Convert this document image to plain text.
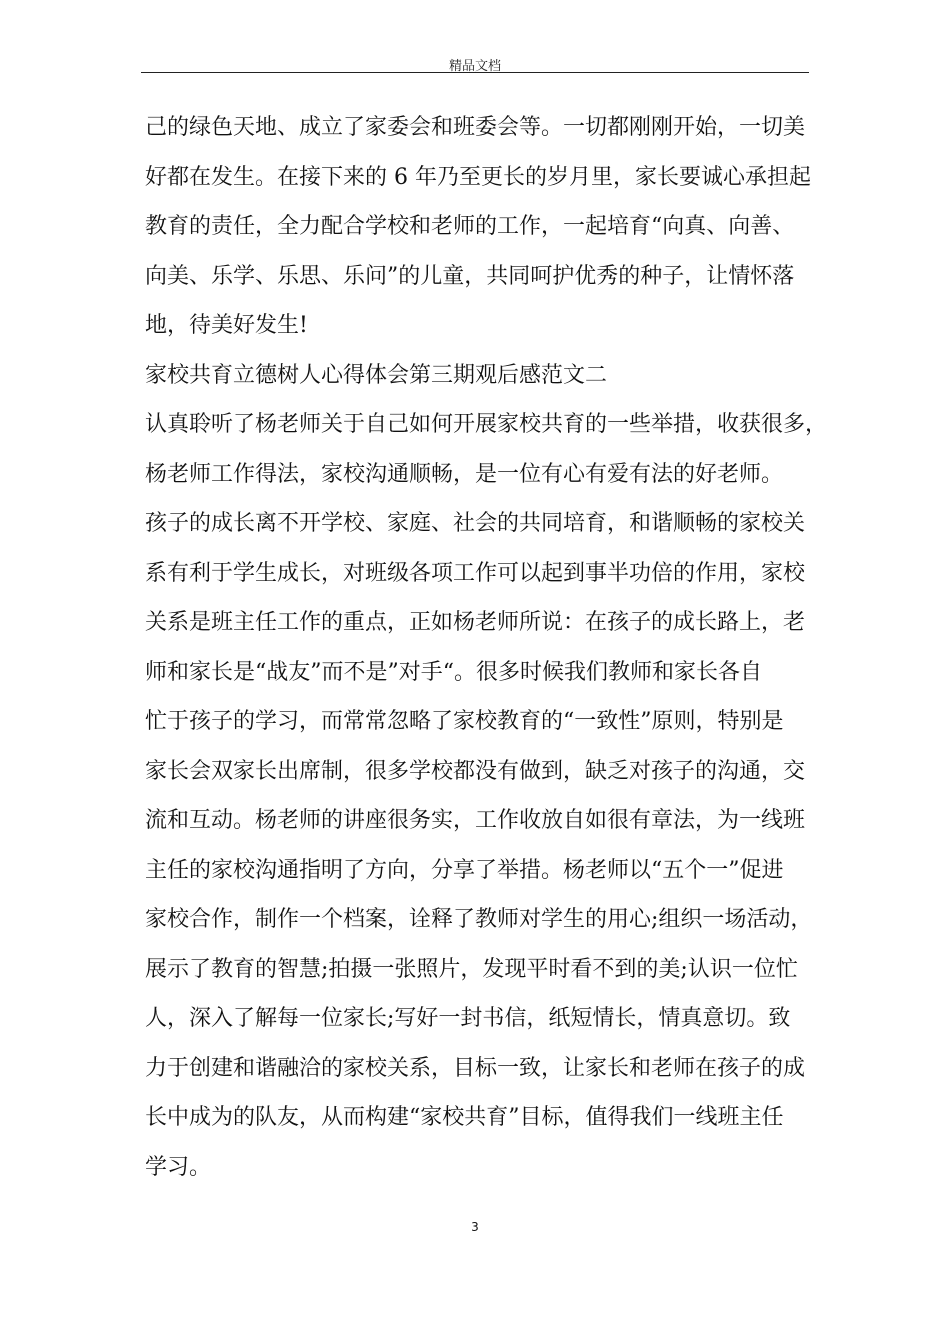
精品文档
己的绿色天地、成立了家委会和班委会等。一切都刚刚开始，一切美
好都在发生。在接下来的 6 年乃至更长的岁月里，家长要诚心承担起
教育的责任，全力配合学校和老师的工作，一起培育“向真、向善、
向美、乐学、乐思、乐问”的儿童，共同呵护优秀的种子，让情怀落
地，待美好发生!
家校共育立德树人心得体会第三期观后感范文二
认真聆听了杨老师关于自己如何开展家校共育的一些举措，收获很多，
杨老师工作得法，家校沟通顺畅，是一位有心有爱有法的好老师。
孩子的成长离不开学校、家庭、社会的共同培育，和谐顺畅的家校关
系有利于学生成长，对班级各项工作可以起到事半功倍的作用，家校
关系是班主任工作的重点，正如杨老师所说：在孩子的成长路上，老
师和家长是“战友”而不是”对手“。很多时候我们教师和家长各自
忙于孩子的学习，而常常忽略了家校教育的“一致性”原则，特别是
家长会双家长出席制，很多学校都没有做到，缺乏对孩子的沟通，交
流和互动。杨老师的讲座很务实，工作收放自如很有章法，为一线班
主任的家校沟通指明了方向，分享了举措。杨老师以“五个一”促进
家校合作，制作一个档案，诠释了教师对学生的用心;组织一场活动，
展示了教育的智慧;拍摄一张照片，发现平时看不到的美;认识一位忙
人，深入了解每一位家长;写好一封书信，纸短情长，情真意切。致
力于创建和谐融洽的家校关系，目标一致，让家长和老师在孩子的成
长中成为的队友，从而构建“家校共育”目标，值得我们一线班主任
学习。
3
